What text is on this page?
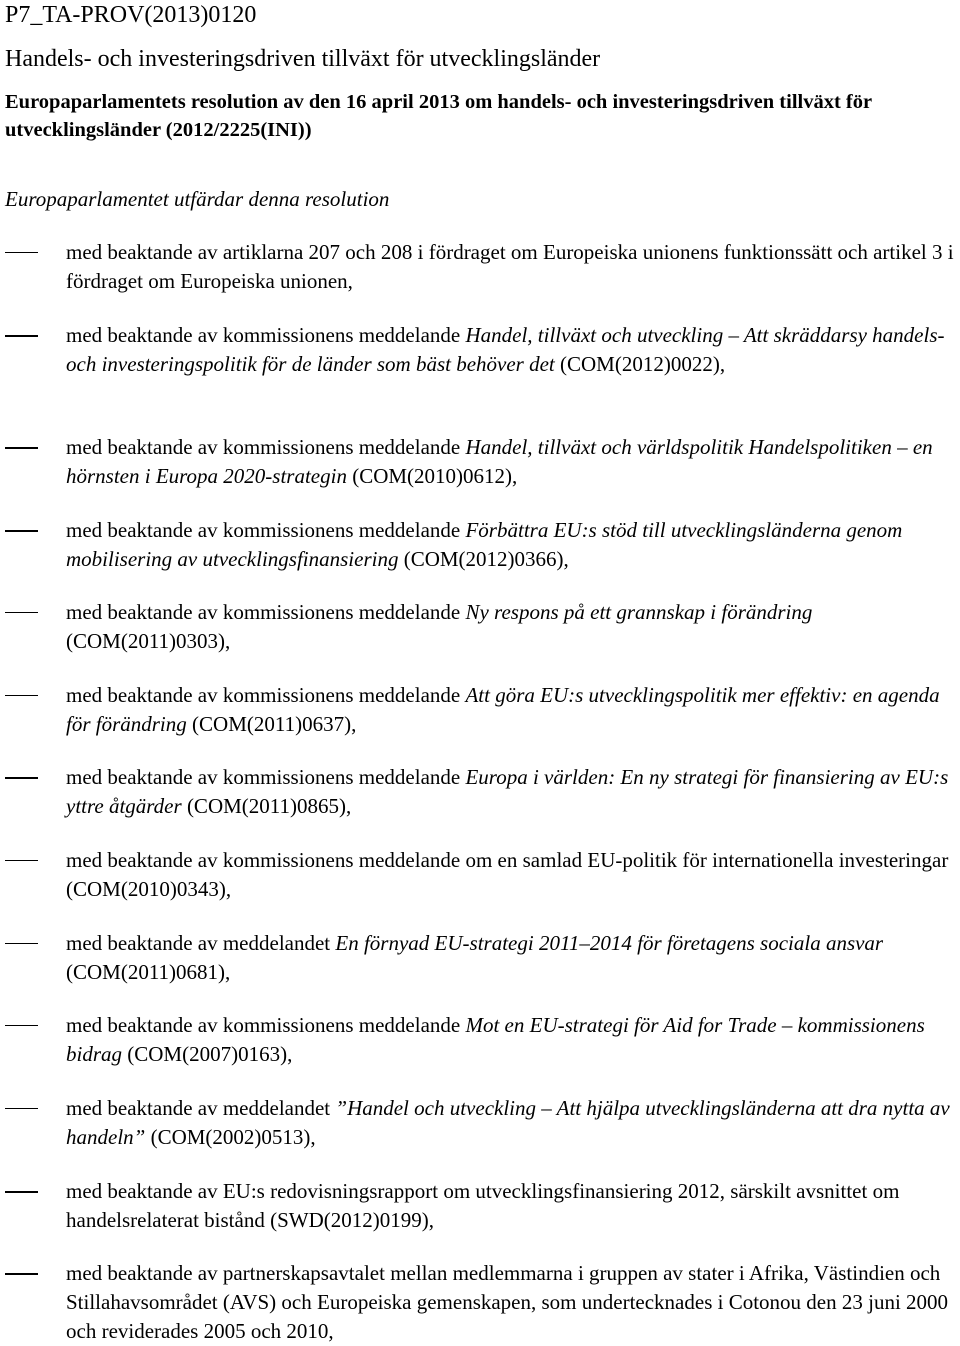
P7_TA-PROV(2013)0120
Handels- och investeringsdriven tillväxt för utvecklingsländer
Europaparlamentets resolution av den 16 april 2013 om handels- och investeringsdriven tillväxt för utvecklingsländer (2012/2225(INI))
Europaparlamentet utfärdar denna resolution
med beaktande av artiklarna 207 och 208 i fördraget om Europeiska unionens funktionssätt och artikel 3 i fördraget om Europeiska unionen,
med beaktande av kommissionens meddelande Handel, tillväxt och utveckling – Att skräddarsy handels- och investeringspolitik för de länder som bäst behöver det (COM(2012)0022),
med beaktande av kommissionens meddelande Handel, tillväxt och världspolitik Handelspolitiken – en hörnsten i Europa 2020-strategin (COM(2010)0612),
med beaktande av kommissionens meddelande Förbättra EU:s stöd till utvecklingsländerna genom mobilisering av utvecklingsfinansiering (COM(2012)0366),
med beaktande av kommissionens meddelande Ny respons på ett grannskap i förändring (COM(2011)0303),
med beaktande av kommissionens meddelande Att göra EU:s utvecklingspolitik mer effektiv: en agenda för förändring (COM(2011)0637),
med beaktande av kommissionens meddelande Europa i världen: En ny strategi för finansiering av EU:s yttre åtgärder (COM(2011)0865),
med beaktande av kommissionens meddelande om en samlad EU-politik för internationella investeringar (COM(2010)0343),
med beaktande av meddelandet En förnyad EU-strategi 2011–2014 för företagens sociala ansvar (COM(2011)0681),
med beaktande av kommissionens meddelande Mot en EU-strategi för Aid for Trade – kommissionens bidrag (COM(2007)0163),
med beaktande av meddelandet ”Handel och utveckling – Att hjälpa utvecklingsländerna att dra nytta av handeln” (COM(2002)0513),
med beaktande av EU:s redovisningsrapport om utvecklingsfinansiering 2012, särskilt avsnittet om handelsrelaterat bistånd (SWD(2012)0199),
med beaktande av partnerskapsavtalet mellan medlemmarna i gruppen av stater i Afrika, Västindien och Stillahavsområdet (AVS) och Europeiska gemenskapen, som undertecknades i Cotonou den 23 juni 2000 och reviderades 2005 och 2010,
